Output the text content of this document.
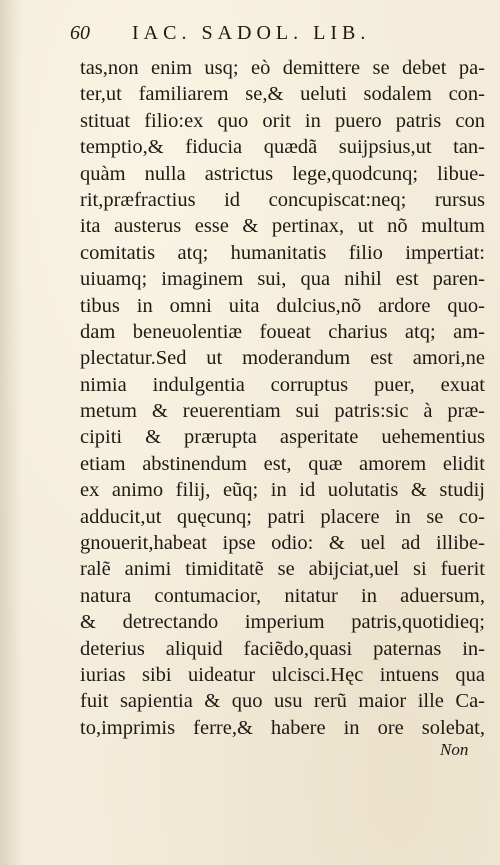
60 IAC. SADOL. LIB.
tas,non enim usq; eò demittere se debet pa-
ter,ut familiarem se,& ueluti sodalem con-
stituat filio:ex quo orit in puero patris con
temptio,& fiducia quædã suijpsius,ut tan-
quàm nulla astrictus lege,quodcunq; libue-
rit,præfractius id concupiscat:neq; rursus
ita austerus esse & pertinax, ut nõ multum
comitatis atq; humanitatis filio impertiat:
uiuamq; imaginem sui, qua nihil est paren-
tibus in omni uita dulcius,nõ ardore quo-
dam beneuolentiæ foueat charius atq; am-
plectatur.Sed ut moderandum est amori,ne
nimia indulgentia corruptus puer, exuat
metum & reuerentiam sui patris:sic à præ-
cipiti & prærupta asperitate uehementius
etiam abstinendum est, quæ amorem elidit
ex animo filij, eũq; in id uolutatis & studij
adducit,ut quęcunq; patri placere in se co-
gnouerit,habeat ipse odio: & uel ad illibe-
ralẽ animi timiditatẽ se abijciat,uel si fuerit
natura contumacior, nitatur in aduersum,
& detrectando imperium patris,quotidieq;
deterius aliquid faciẽdo,quasi paternas in-
iurias sibi uideatur ulcisci.Hęc intuens qua
fuit sapientia & quo usu rerũ maior ille Ca-
to,imprimis ferre,& habere in ore solebat,
Non
